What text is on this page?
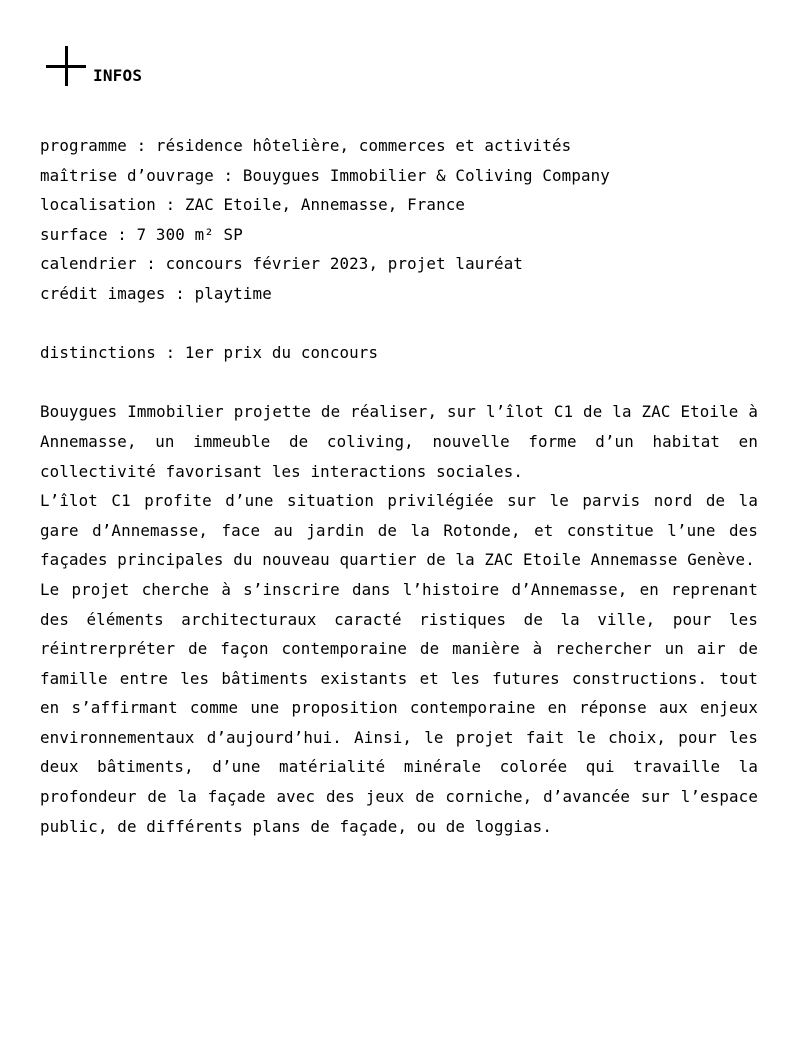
INFOS

programme : résidence hôtelière, commerces et activités

maîtrise d’ouvrage : Bouygues Immobilier & Coliving Company

localisation : ZAC Etoile, Annemasse, France

surface : 7 300 m² SP

calendrier : concours février 2023, projet lauréat

crédit images : playtime

distinctions : 1er prix du concours

Bouygues Immobilier projette de réaliser, sur l’îlot C1 de la ZAC Etoile à Annemasse, un immeuble de coliving, nouvelle forme d’un habitat en collectivité favorisant les interactions sociales.

L’îlot C1 profite d’une situation privilégiée sur le parvis nord de la gare d’Annemasse, face au jardin de la Rotonde, et constitue l’une des façades principales du nouveau quartier de la ZAC Etoile Annemasse Genève.

Le projet cherche à s’inscrire dans l’histoire d’Annemasse, en reprenant des éléments architecturaux caracté ristiques de la ville, pour les réintrerpréter de façon contemporaine de manière à rechercher un air de famille entre les bâtiments existants et les futures constructions. tout en s’affirmant comme une proposition contemporaine en réponse aux enjeux environnementaux d’aujourd’hui. Ainsi, le projet fait le choix, pour les deux bâtiments, d’une matérialité minérale colorée qui travaille la profondeur de la façade avec des jeux de corniche, d’avancée sur l’espace public, de différents plans de façade, ou de loggias.
